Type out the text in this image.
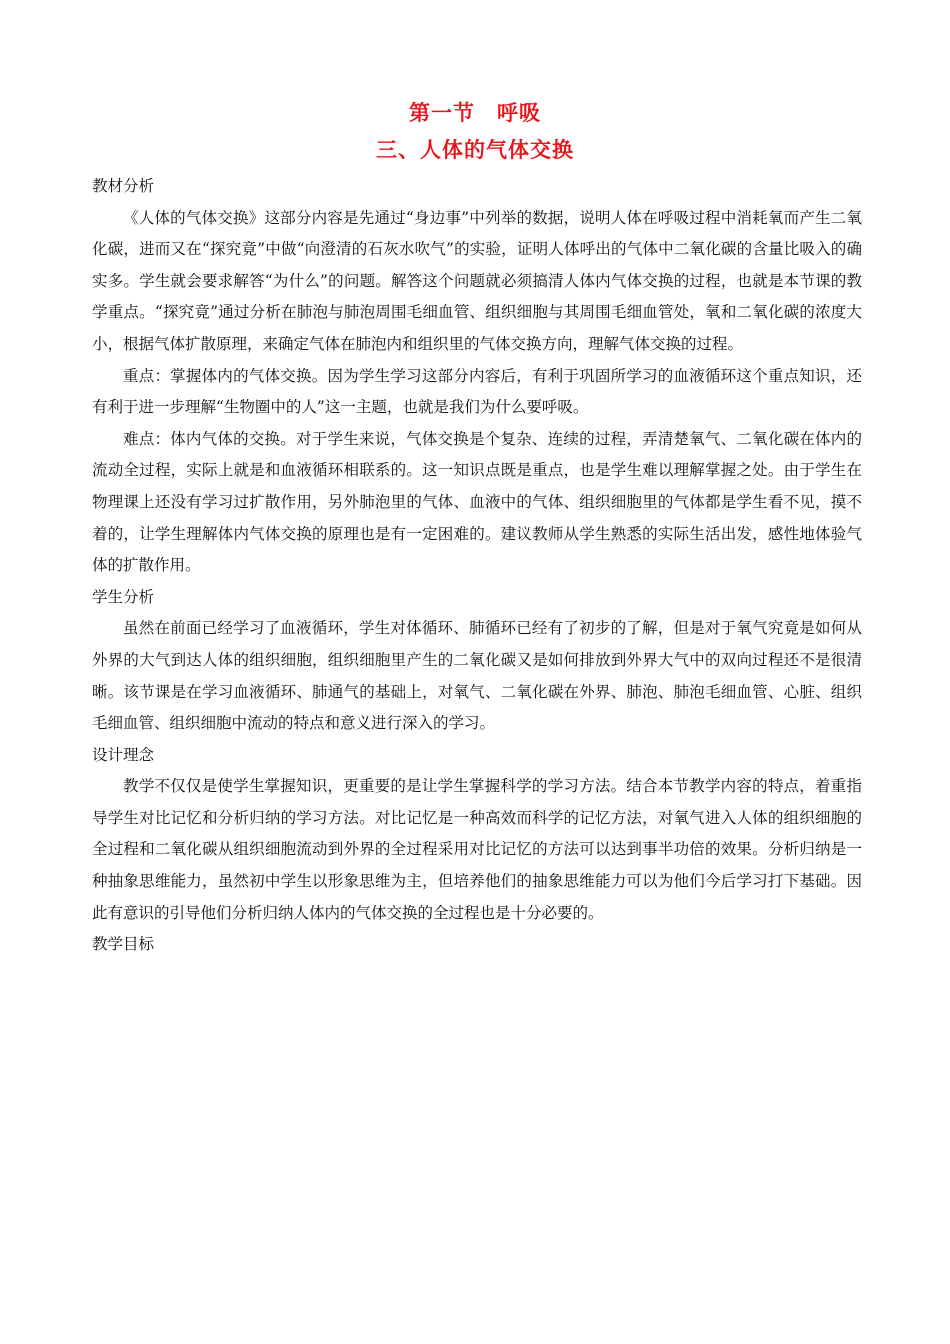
第一节　呼吸
三、人体的气体交换

教材分析

《人体的气体交换》这部分内容是先通过“身边事”中列举的数据，说明人体在呼吸过程中消耗氧而产生二氧化碳，进而又在“探究竟”中做“向澄清的石灰水吹气”的实验，证明人体呼出的气体中二氧化碳的含量比吸入的确实多。学生就会要求解答“为什么”的问题。解答这个问题就必须搞清人体内气体交换的过程，也就是本节课的教学重点。“探究竟”通过分析在肺泡与肺泡周围毛细血管、组织细胞与其周围毛细血管处，氧和二氧化碳的浓度大小，根据气体扩散原理，来确定气体在肺泡内和组织里的气体交换方向，理解气体交换的过程。

重点：掌握体内的气体交换。因为学生学习这部分内容后，有利于巩固所学习的血液循环这个重点知识，还有利于进一步理解“生物圈中的人”这一主题，也就是我们为什么要呼吸。

难点：体内气体的交换。对于学生来说，气体交换是个复杂、连续的过程，弄清楚氧气、二氧化碳在体内的流动全过程，实际上就是和血液循环相联系的。这一知识点既是重点，也是学生难以理解掌握之处。由于学生在物理课上还没有学习过扩散作用，另外肺泡里的气体、血液中的气体、组织细胞里的气体都是学生看不见，摸不着的，让学生理解体内气体交换的原理也是有一定困难的。建议教师从学生熟悉的实际生活出发，感性地体验气体的扩散作用。

学生分析

虽然在前面已经学习了血液循环，学生对体循环、肺循环已经有了初步的了解，但是对于氧气究竟是如何从外界的大气到达人体的组织细胞，组织细胞里产生的二氧化碳又是如何排放到外界大气中的双向过程还不是很清晰。该节课是在学习血液循环、肺通气的基础上，对氧气、二氧化碳在外界、肺泡、肺泡毛细血管、心脏、组织毛细血管、组织细胞中流动的特点和意义进行深入的学习。

设计理念

教学不仅仅是使学生掌握知识，更重要的是让学生掌握科学的学习方法。结合本节教学内容的特点，着重指导学生对比记忆和分析归纳的学习方法。对比记忆是一种高效而科学的记忆方法，对氧气进入人体的组织细胞的全过程和二氧化碳从组织细胞流动到外界的全过程采用对比记忆的方法可以达到事半功倍的效果。分析归纳是一种抽象思维能力，虽然初中学生以形象思维为主，但培养他们的抽象思维能力可以为他们今后学习打下基础。因此有意识的引导他们分析归纳人体内的气体交换的全过程也是十分必要的。

教学目标
